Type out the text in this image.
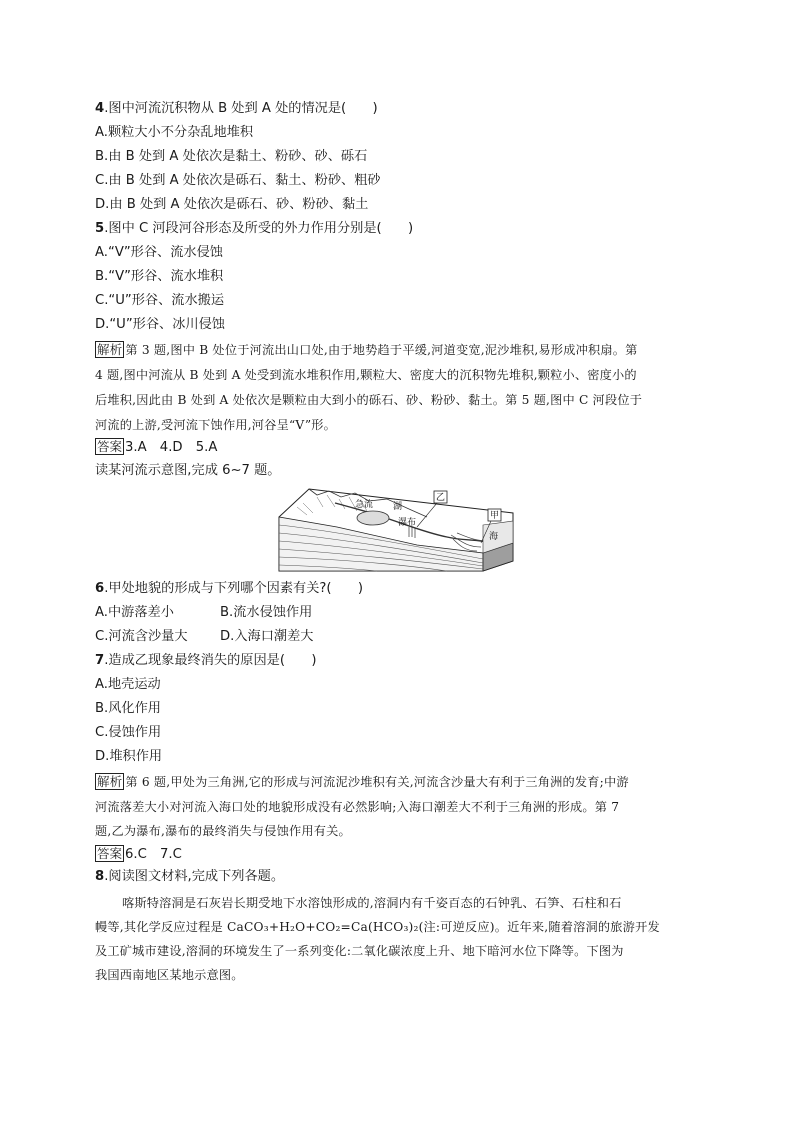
4.图中河流沉积物从 B 处到 A 处的情况是(　　)
A.颗粒大小不分杂乱地堆积
B.由 B 处到 A 处依次是黏土、粉砂、砂、砾石
C.由 B 处到 A 处依次是砾石、黏土、粉砂、粗砂
D.由 B 处到 A 处依次是砾石、砂、粉砂、黏土
5.图中 C 河段河谷形态及所受的外力作用分别是(　　)
A.“V”形谷、流水侵蚀
B.“V”形谷、流水堆积
C.“U”形谷、流水搬运
D.“U”形谷、冰川侵蚀
解析 第 3 题,图中 B 处位于河流出山口处,由于地势趋于平缓,河道变宽,泥沙堆积,易形成冲积扇。第
4 题,图中河流从 B 处到 A 处受到流水堆积作用,颗粒大、密度大的沉积物先堆积,颗粒小、密度小的
后堆积,因此由 B 处到 A 处依次是颗粒由大到小的砾石、砂、粉砂、黏土。第 5 题,图中 C 河段位于
河流的上游,受河流下蚀作用,河谷呈“V”形。
答案 3.A　4.D　5.A
读某河流示意图,完成 6~7 题。
急流 湖
瀑布
乙
甲
海
6.甲处地貌的形成与下列哪个因素有关?(　　)
A.中游落差小	B.流水侵蚀作用
C.河流含沙量大 D.入海口潮差大
7.造成乙现象最终消失的原因是(　　)
A.地壳运动
B.风化作用
C.侵蚀作用
D.堆积作用
解析 第 6 题,甲处为三角洲,它的形成与河流泥沙堆积有关,河流含沙量大有利于三角洲的发育;中游
河流落差大小对河流入海口处的地貌形成没有必然影响;入海口潮差大不利于三角洲的形成。第 7
题,乙为瀑布,瀑布的最终消失与侵蚀作用有关。
答案 6.C　7.C
8.阅读图文材料,完成下列各题。
喀斯特溶洞是石灰岩长期受地下水溶蚀形成的,溶洞内有千姿百态的石钟乳、石笋、石柱和石
幔等,其化学反应过程是 CaCO₃+H₂O+CO₂=Ca(HCO₃)₂(注:可逆反应)。近年来,随着溶洞的旅游开发
及工矿城市建设,溶洞的环境发生了一系列变化:二氧化碳浓度上升、地下暗河水位下降等。下图为
我国西南地区某地示意图。
